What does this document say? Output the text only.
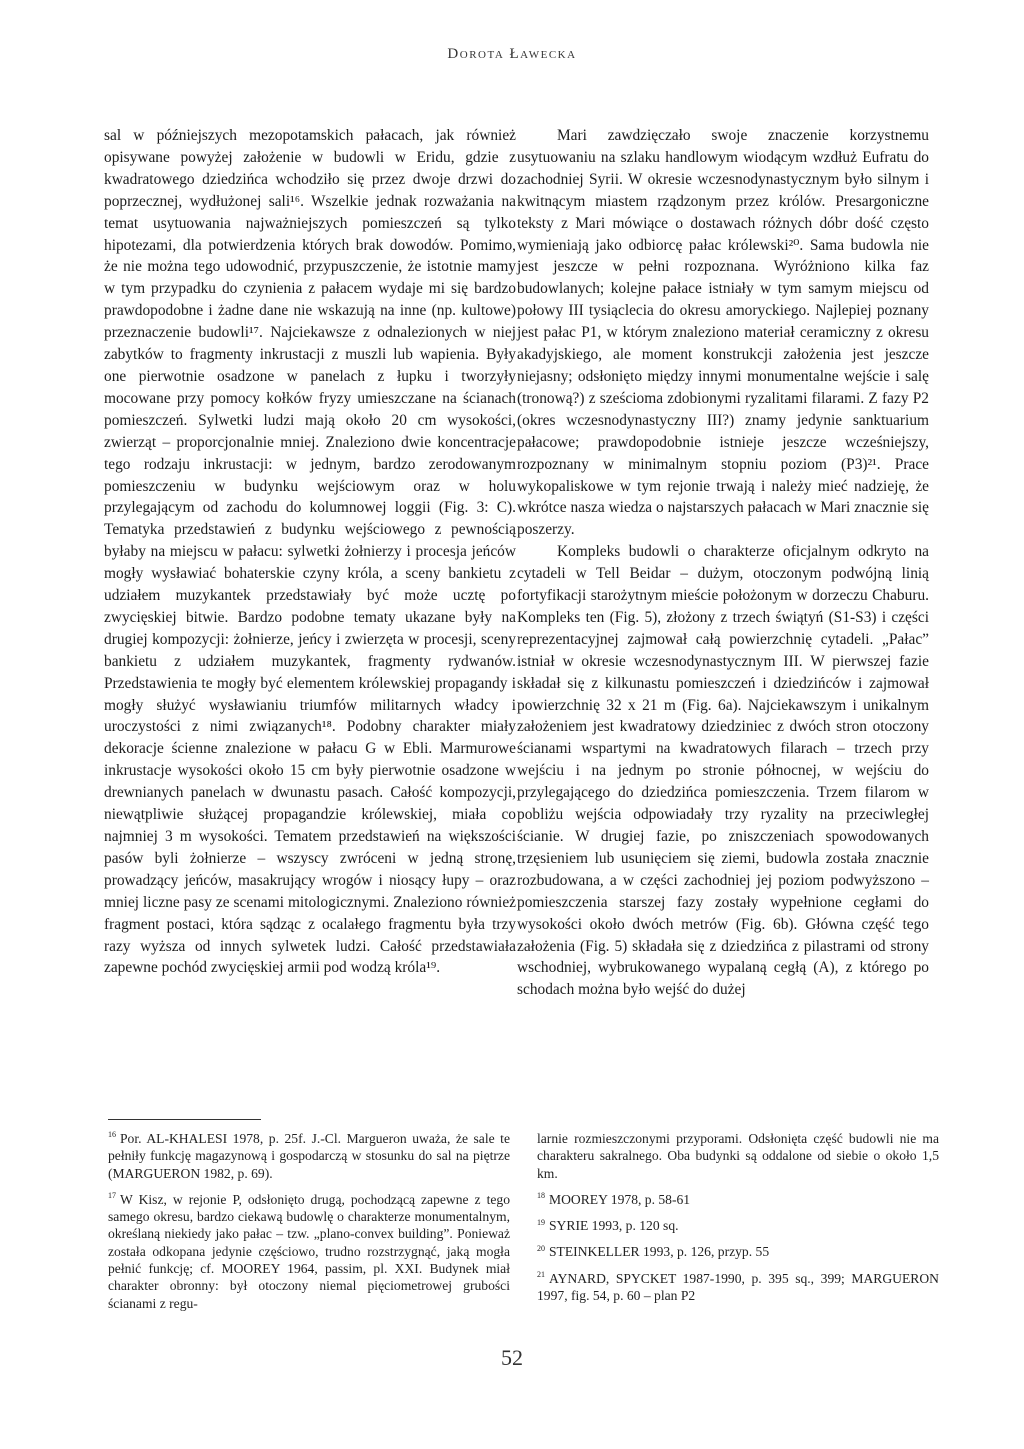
Dorota Ławecka

sal w późniejszych mezopotamskich pałacach, jak również opisywane powyżej założenie w budowli w Eridu, gdzie z kwadratowego dziedzińca wchodziło się przez dwoje drzwi do poprzecznej, wydłużonej sali¹⁶. Wszelkie jednak rozważania na temat usytuowania najważniejszych pomieszczeń są tylko hipotezami, dla potwierdzenia których brak dowodów. Pomimo, że nie można tego udowodnić, przypuszczenie, że istotnie mamy w tym przypadku do czynienia z pałacem wydaje mi się bardzo prawdopodobne i żadne dane nie wskazują na inne (np. kultowe) przeznaczenie budowli¹⁷. Najciekawsze z odnalezionych w niej zabytków to fragmenty inkrustacji z muszli lub wapienia. Były one pierwotnie osadzone w panelach z łupku i tworzyły mocowane przy pomocy kołków fryzy umieszczane na ścianach pomieszczeń. Sylwetki ludzi mają około 20 cm wysokości, zwierząt – proporcjonalnie mniej. Znaleziono dwie koncentracje tego rodzaju inkrustacji: w jednym, bardzo zerodowanym pomieszczeniu w budynku wejściowym oraz w holu przylegającym od zachodu do kolumnowej loggii (Fig. 3: C). Tematyka przedstawień z budynku wejściowego z pewnością byłaby na miejscu w pałacu: sylwetki żołnierzy i procesja jeńców mogły wysławiać bohaterskie czyny króla, a sceny bankietu z udziałem muzykantek przedstawiały być może ucztę po zwycięskiej bitwie. Bardzo podobne tematy ukazane były na drugiej kompozycji: żołnierze, jeńcy i zwierzęta w procesji, sceny bankietu z udziałem muzykantek, fragmenty rydwanów. Przedstawienia te mogły być elementem królewskiej propagandy i mogły służyć wysławianiu triumfów militarnych władcy i uroczystości z nimi związanych¹⁸. Podobny charakter miały dekoracje ścienne znalezione w pałacu G w Ebli. Marmurowe inkrustacje wysokości około 15 cm były pierwotnie osadzone w drewnianych panelach w dwunastu pasach. Całość kompozycji, niewątpliwie służącej propagandzie królewskiej, miała co najmniej 3 m wysokości. Tematem przedstawień na większości pasów byli żołnierze – wszyscy zwróceni w jedną stronę, prowadzący jeńców, masakrujący wrogów i niosący łupy – oraz mniej liczne pasy ze scenami mitologicznymi. Znaleziono również fragment postaci, która sądząc z ocalałego fragmentu była trzy razy wyższa od innych sylwetek ludzi. Całość przedstawiała zapewne pochód zwycięskiej armii pod wodzą króla¹⁹.

Mari zawdzięczało swoje znaczenie korzystnemu usytuowaniu na szlaku handlowym wiodącym wzdłuż Eufratu do zachodniej Syrii. W okresie wczesnodynastycznym było silnym i kwitnącym miastem rządzonym przez królów. Presargoniczne teksty z Mari mówiące o dostawach różnych dóbr dość często wymieniają jako odbiorcę pałac królewski²⁰. Sama budowla nie jest jeszcze w pełni rozpoznana. Wyróżniono kilka faz budowlanych; kolejne pałace istniały w tym samym miejscu od połowy III tysiąclecia do okresu amoryckiego. Najlepiej poznany jest pałac P1, w którym znaleziono materiał ceramiczny z okresu akadyjskiego, ale moment konstrukcji założenia jest jeszcze niejasny; odsłonięto między innymi monumentalne wejście i salę (tronową?) z sześcioma zdobionymi ryzalitami filarami. Z fazy P2 (okres wczesnodynastyczny III?) znamy jedynie sanktuarium pałacowe; prawdopodobnie istnieje jeszcze wcześniejszy, rozpoznany w minimalnym stopniu poziom (P3)²¹. Prace wykopaliskowe w tym rejonie trwają i należy mieć nadzieję, że wkrótce nasza wiedza o najstarszych pałacach w Mari znacznie się poszerzy.

Kompleks budowli o charakterze oficjalnym odkryto na cytadeli w Tell Beidar – dużym, otoczonym podwójną linią fortyfikacji starożytnym mieście położonym w dorzeczu Chaburu. Kompleks ten (Fig. 5), złożony z trzech świątyń (S1-S3) i części reprezentacyjnej zajmował całą powierzchnię cytadeli. „Pałac” istniał w okresie wczesnodynastycznym III. W pierwszej fazie składał się z kilkunastu pomieszczeń i dziedzińców i zajmował powierzchnię 32 x 21 m (Fig. 6a). Najciekawszym i unikalnym założeniem jest kwadratowy dziedziniec z dwóch stron otoczony ścianami wspartymi na kwadratowych filarach – trzech przy wejściu i na jednym po stronie północnej, w wejściu do przylegającego do dziedzińca pomieszczenia. Trzem filarom w pobliżu wejścia odpowiadały trzy ryzality na przeciwległej ścianie. W drugiej fazie, po zniszczeniach spowodowanych trzęsieniem lub usunięciem się ziemi, budowla została znacznie rozbudowana, a w części zachodniej jej poziom podwyższono – pomieszczenia starszej fazy zostały wypełnione cegłami do wysokości około dwóch metrów (Fig. 6b). Główna część tego założenia (Fig. 5) składała się z dziedzińca z pilastrami od strony wschodniej, wybrukowanego wypalaną cegłą (A), z którego po schodach można było wejść do dużej

$^{16}$ Por. AL-KHALESI 1978, p. 25f. J.-Cl. Margueron uważa, że sale te pełniły funkcję magazynową i gospodarczą w stosunku do sal na piętrze (MARGUERON 1982, p. 69).

$^{17}$ W Kisz, w rejonie P, odsłonięto drugą, pochodzącą zapewne z tego samego okresu, bardzo ciekawą budowlę o charakterze monumentalnym, określaną niekiedy jako pałac – tzw. „plano-convex building”. Ponieważ została odkopana jedynie częściowo, trudno rozstrzygnąć, jaką mogła pełnić funkcję; cf. MOOREY 1964, passim, pl. XXI. Budynek miał charakter obronny: był otoczony niemal pięciometrowej grubości ścianami z regu-

larnie rozmieszczonymi przyporami. Odsłonięta część budowli nie ma charakteru sakralnego. Oba budynki są oddalone od siebie o około 1,5 km.

$^{18}$ MOOREY 1978, p. 58-61

$^{19}$ SYRIE 1993, p. 120 sq.

$^{20}$ STEINKELLER 1993, p. 126, przyp. 55

$^{21}$ AYNARD, SPYCKET 1987-1990, p. 395 sq., 399; MARGUERON 1997, fig. 54, p. 60 – plan P2

52
